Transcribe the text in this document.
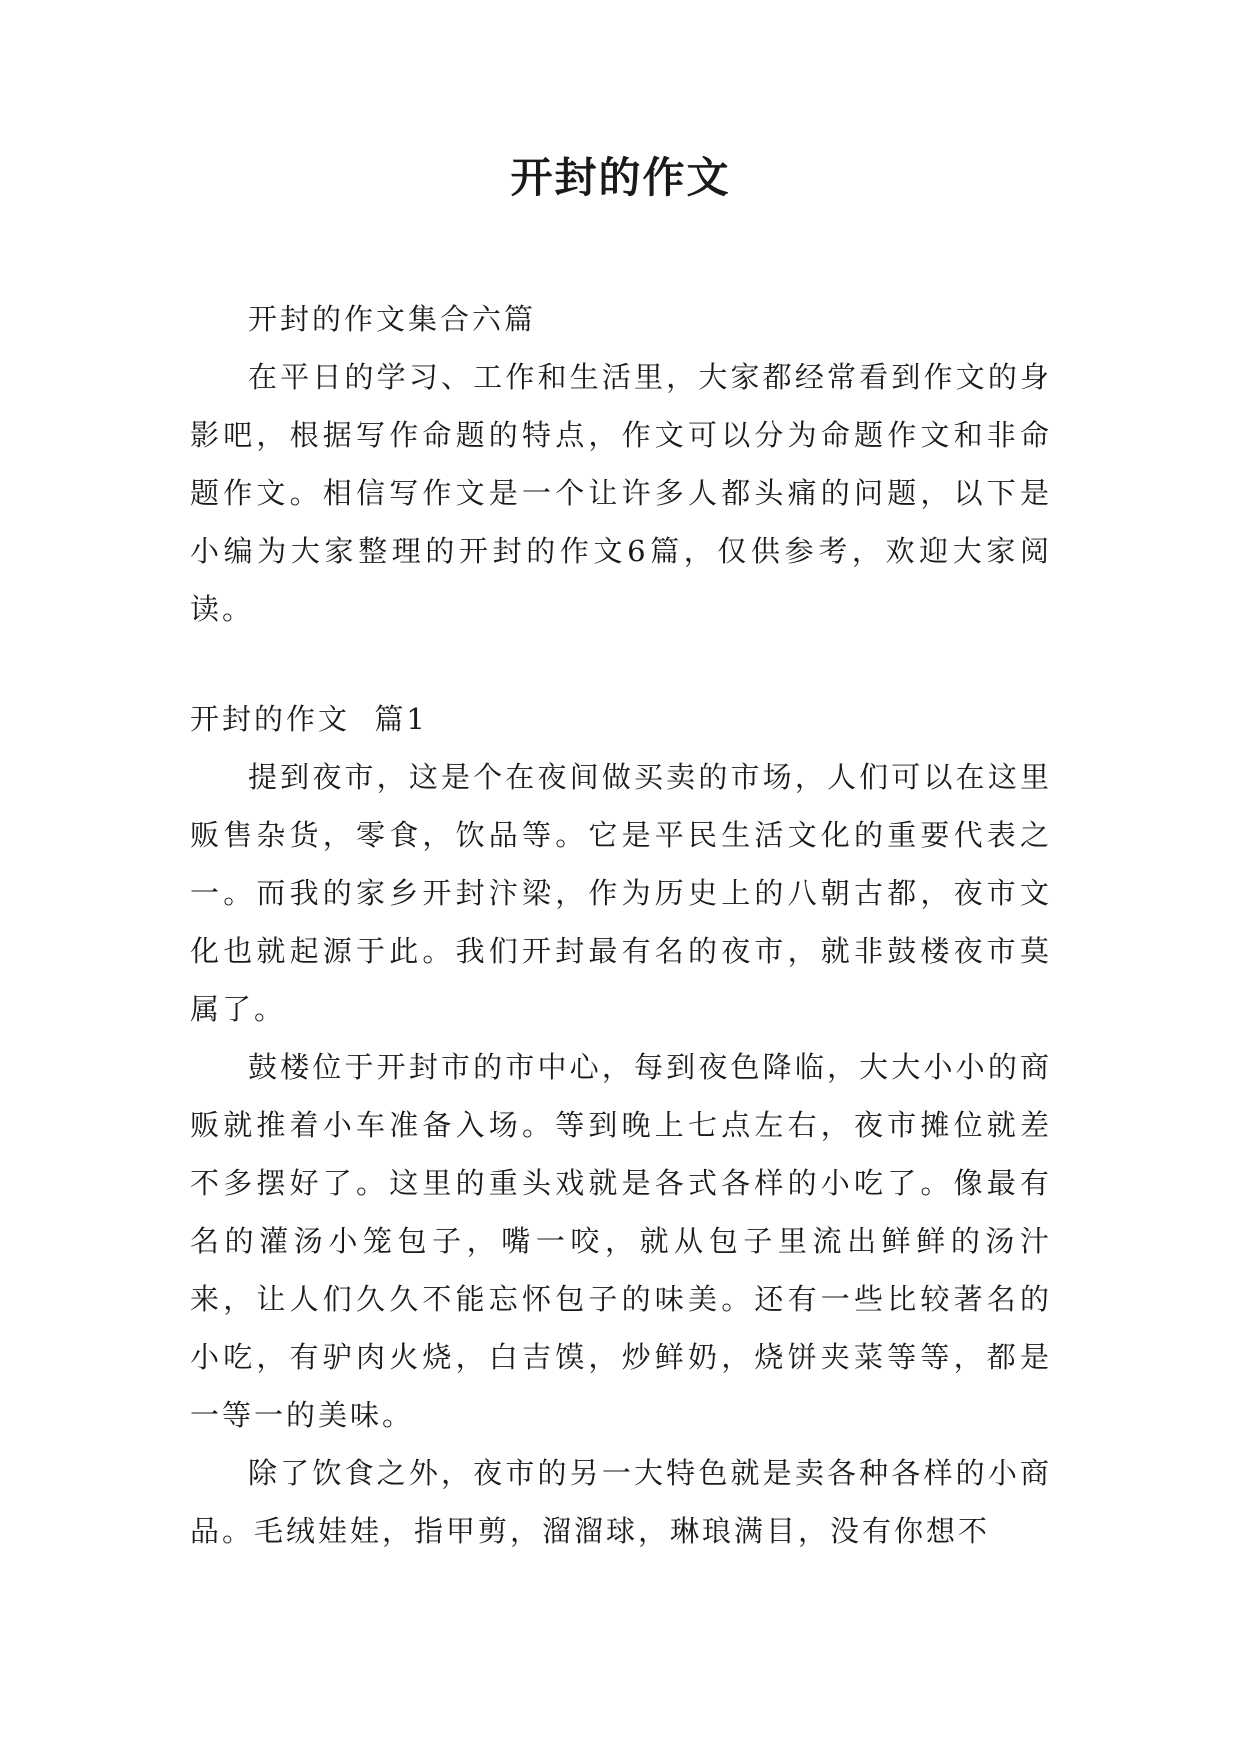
开封的作文

开封的作文集合六篇

在平日的学习、工作和生活里，大家都经常看到作文的身影吧，根据写作命题的特点，作文可以分为命题作文和非命题作文。相信写作文是一个让许多人都头痛的问题，以下是小编为大家整理的开封的作文6篇，仅供参考，欢迎大家阅读。

开封的作文  篇1

提到夜市，这是个在夜间做买卖的市场，人们可以在这里贩售杂货，零食，饮品等。它是平民生活文化的重要代表之一。而我的家乡开封汴梁，作为历史上的八朝古都，夜市文化也就起源于此。我们开封最有名的夜市，就非鼓楼夜市莫属了。

鼓楼位于开封市的市中心，每到夜色降临，大大小小的商贩就推着小车准备入场。等到晚上七点左右，夜市摊位就差不多摆好了。这里的重头戏就是各式各样的小吃了。像最有名的灌汤小笼包子，嘴一咬，就从包子里流出鲜鲜的汤汁来，让人们久久不能忘怀包子的味美。还有一些比较著名的小吃，有驴肉火烧，白吉馍，炒鲜奶，烧饼夹菜等等，都是一等一的美味。

除了饮食之外，夜市的另一大特色就是卖各种各样的小商品。毛绒娃娃，指甲剪，溜溜球，琳琅满目，没有你想不
